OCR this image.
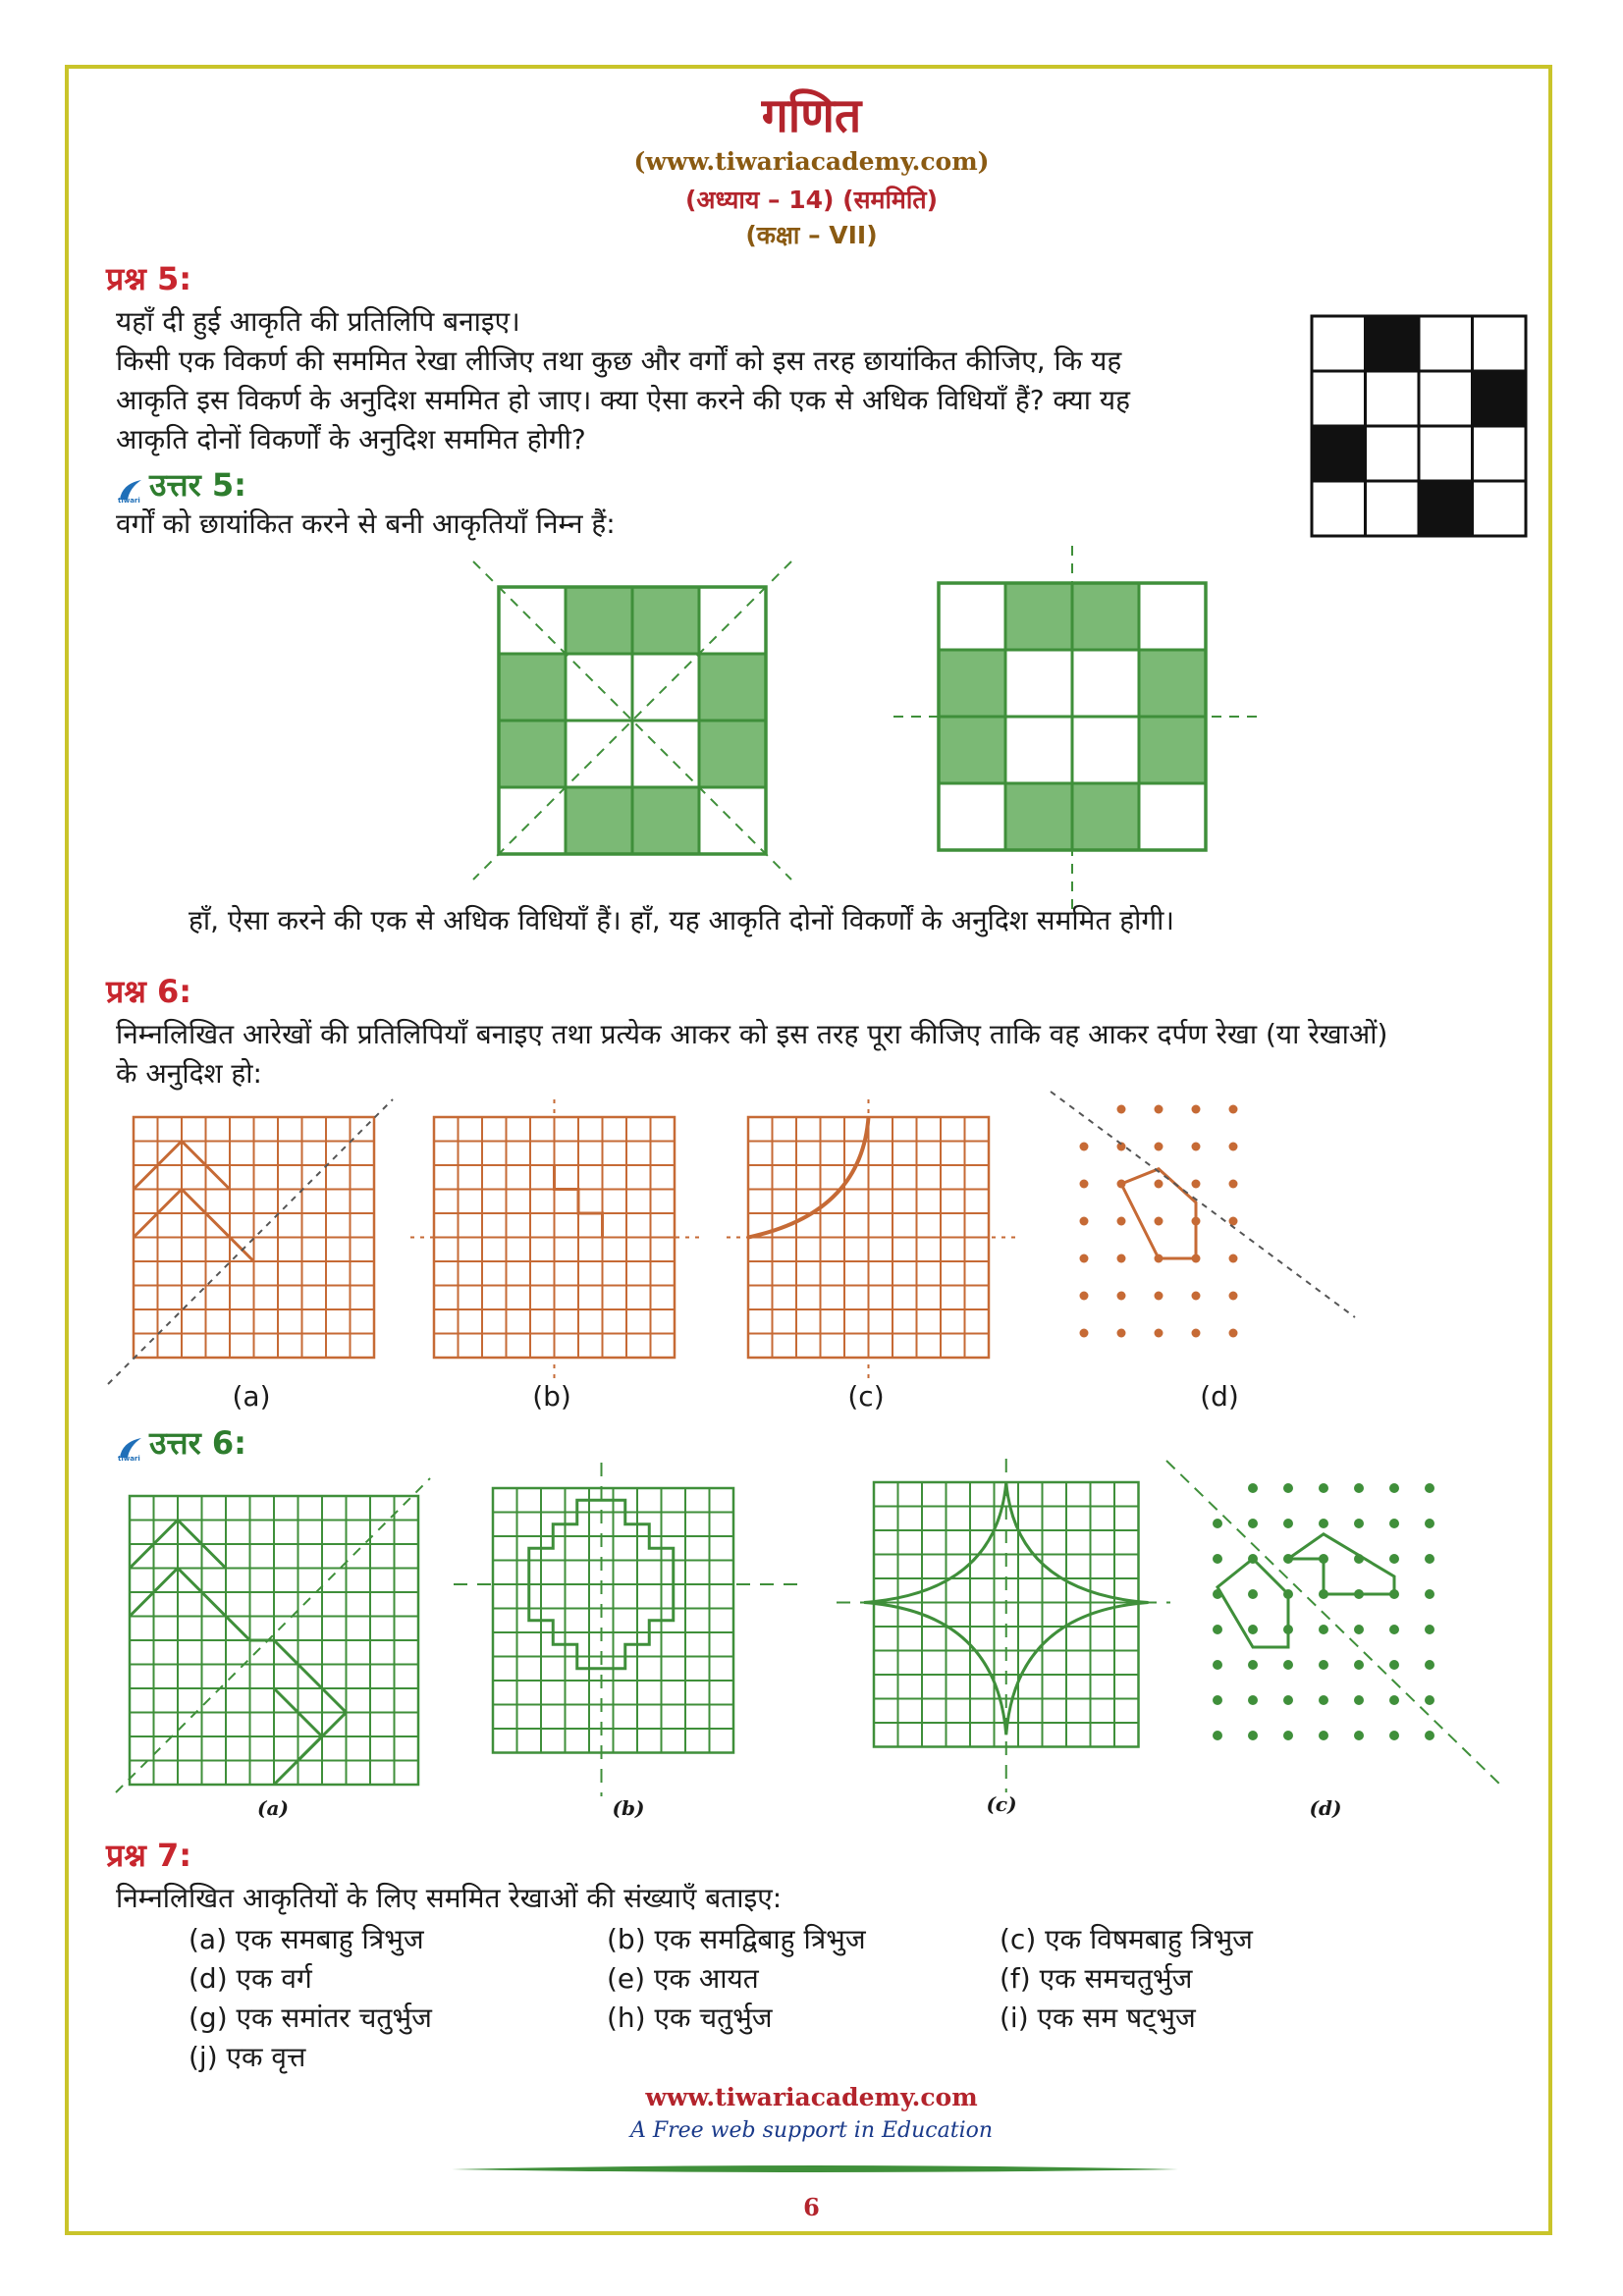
गणित
(www.tiwariacademy.com)
(अध्याय – 14) (सममिति)
(कक्षा – VII)
प्रश्न 5:
यहाँ दी हुई आकृति की प्रतिलिपि बनाइए।
किसी एक विकर्ण की सममित रेखा लीजिए तथा कुछ और वर्गों को इस तरह छायांकित कीजिए, कि यह
आकृति इस विकर्ण के अनुदिश सममित हो जाए। क्या ऐसा करने की एक से अधिक विधियाँ हैं? क्या यह
आकृति दोनों विकर्णों के अनुदिश सममित होगी?
tiwari उत्तर 5:
वर्गों को छायांकित करने से बनी आकृतियाँ निम्न हैं:
हाँ, ऐसा करने की एक से अधिक विधियाँ हैं। हाँ, यह आकृति दोनों विकर्णों के अनुदिश सममित होगी।
प्रश्न 6:
निम्नलिखित आरेखों की प्रतिलिपियाँ बनाइए तथा प्रत्येक आकर को इस तरह पूरा कीजिए ताकि वह आकर दर्पण रेखा (या रेखाओं)
के अनुदिश हो:
(a)	(b)	(c)	(d)
tiwari उत्तर 6:
(a)	(b)	(c)	(d)
प्रश्न 7:
निम्नलिखित आकृतियों के लिए सममित रेखाओं की संख्याएँ बताइए:
(a) एक समबाहु त्रिभुज	(b) एक समद्विबाहु त्रिभुज	(c) एक विषमबाहु त्रिभुज
(d) एक वर्ग	(e) एक आयत	(f) एक समचतुर्भुज
(g) एक समांतर चतुर्भुज	(h) एक चतुर्भुज	(i) एक सम षट्भुज
(j) एक वृत्त
www.tiwariacademy.com
A Free web support in Education
6
